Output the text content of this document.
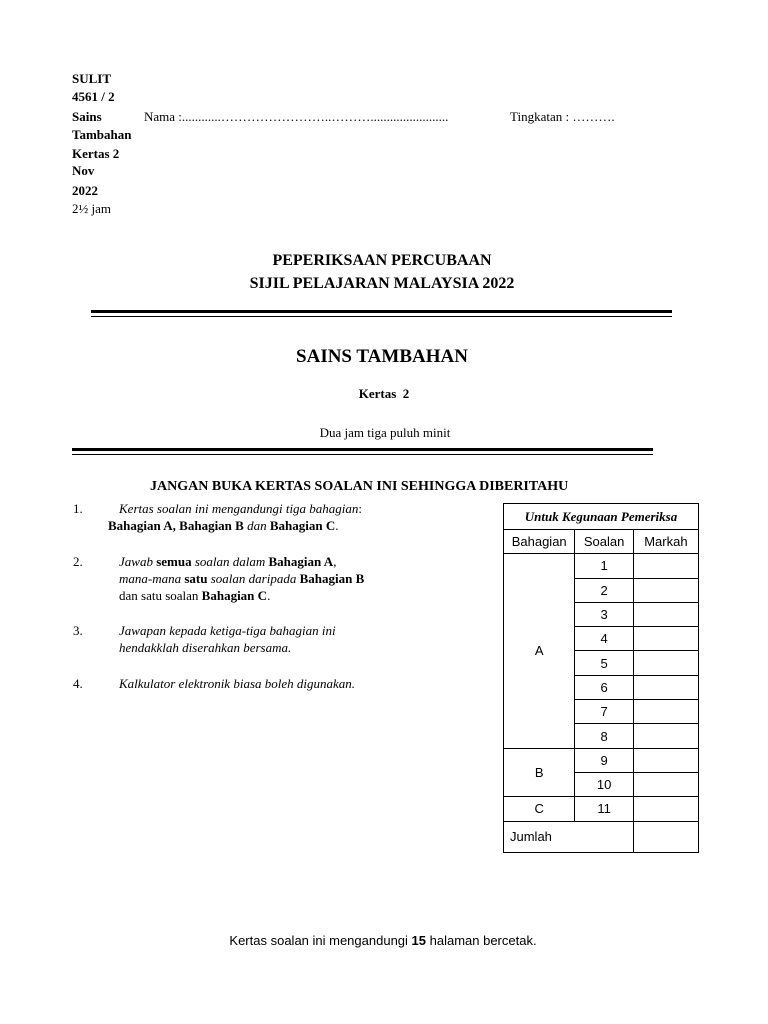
SULIT
4561 / 2
Sains
Tambahan
Kertas 2
Nov
2022
2½ jam
Nama :............……………………..………........................	Tingkatan : ……….
PEPERIKSAAN PERCUBAAN
SIJIL PELAJARAN MALAYSIA 2022
SAINS TAMBAHAN
Kertas  2
Dua jam tiga puluh minit
JANGAN BUKA KERTAS SOALAN INI SEHINGGA DIBERITAHU
1.	Kertas soalan ini mengandungi tiga bahagian:
Bahagian A, Bahagian B dan Bahagian C.
2.	Jawab semua soalan dalam Bahagian A,
mana-mana satu soalan daripada Bahagian B
dan satu soalan Bahagian C.
3.	Jawapan kepada ketiga-tiga bahagian ini
hendakklah diserahkan bersama.
4.	Kalkulator elektronik biasa boleh digunakan.
Untuk Kegunaan Pemeriksa		
Bahagian	Soalan	Markah
A	1	
	2	
	3	
	4	
	5	
	6	
	7	
	8	
B	9	
	10	
C	11	
Jumlah		
Kertas soalan ini mengandungi 15 halaman bercetak.
